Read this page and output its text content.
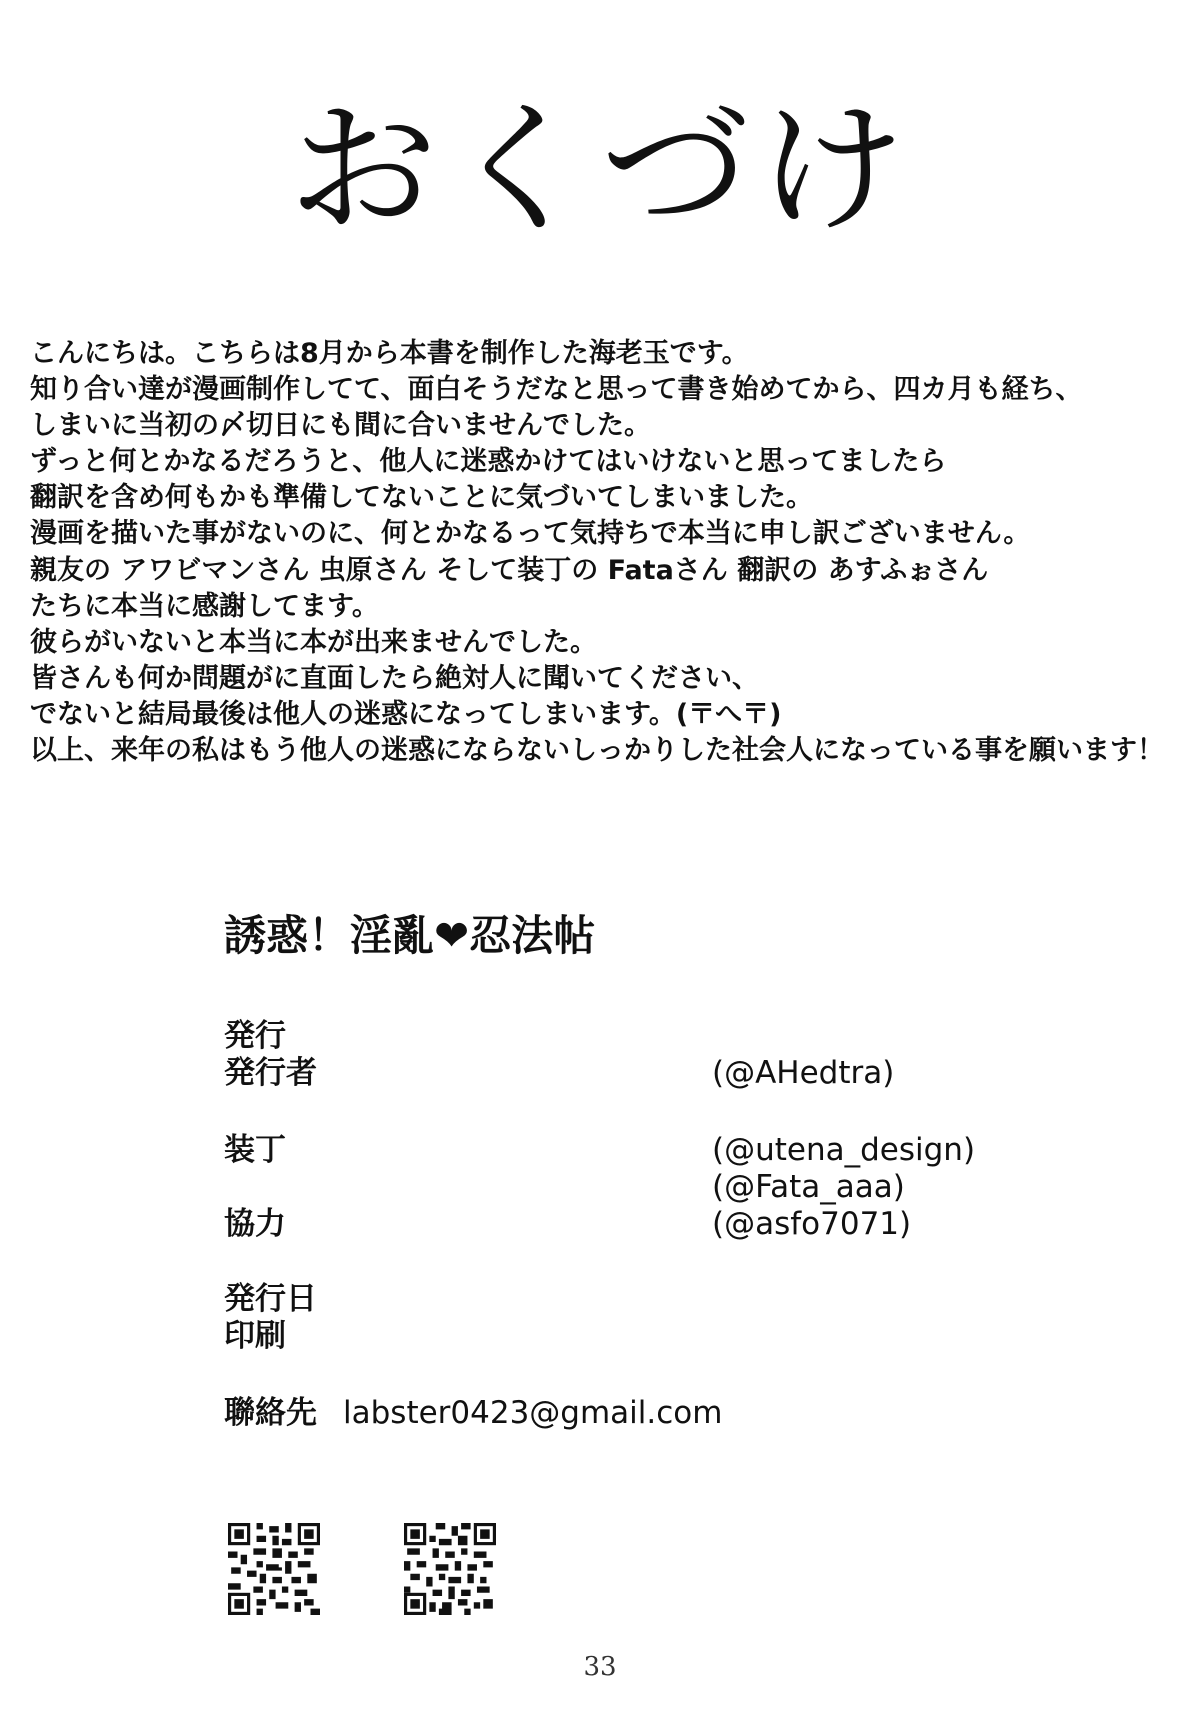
おくづけ
こんにちは。こちらは8月から本書を制作した海老玉です。
知り合い達が漫画制作してて、面白そうだなと思って書き始めてから、四カ月も経ち、
しまいに当初の〆切日にも間に合いませんでした。
ずっと何とかなるだろうと、他人に迷惑かけてはいけないと思ってましたら
翻訳を含め何もかも準備してないことに気づいてしまいました。
漫画を描いた事がないのに、何とかなるって気持ちで本当に申し訳ございません。
親友の アワビマンさん 虫原さん そして装丁の Fataさん 翻訳の あすふぉさん
たちに本当に感謝してます。
彼らがいないと本当に本が出来ませんでした。
皆さんも何か問題がに直面したら絶対人に聞いてください、
でないと結局最後は他人の迷惑になってしまいます。(〒へ〒)
以上、来年の私はもう他人の迷惑にならないしっかりした社会人になっている事を願います！
誘惑！淫亂❤忍法帖
発行
発行者	(@AHedtra)
装丁	(@utena_design)
(@Fata_aaa)
協力	(@asfo7071)
発行日
印刷
聯絡先 labster0423@gmail.com
33
